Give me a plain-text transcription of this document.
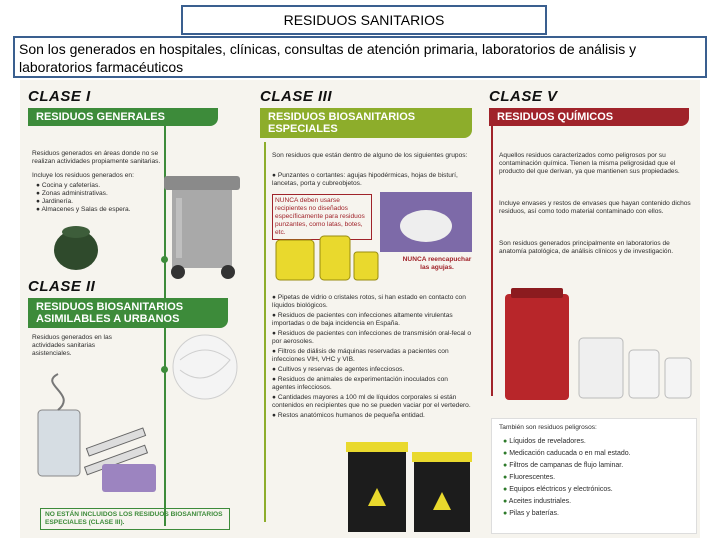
RESIDUOS SANITARIOS
Son los generados en hospitales, clínicas, consultas de atención primaria, laboratorios de análisis y laboratorios farmacéuticos
CLASE I
RESIDUOS GENERALES
Residuos generados en áreas donde no se realizan actividades propiamente sanitarias.
Incluye los residuos generados en:
● Cocina y cafeterías.
● Zonas administrativas.
● Jardinería.
● Almacenes y Salas de espera.
CLASE II
RESIDUOS BIOSANITARIOS
ASIMILABLES A URBANOS
Residuos generados en las actividades sanitarias asistenciales.
NO ESTÁN INCLUIDOS LOS RESIDUOS BIOSANITARIOS ESPECIALES (CLASE III).
CLASE III
RESIDUOS BIOSANITARIOS
ESPECIALES
Son residuos que están dentro de alguno de los siguientes grupos:
● Punzantes o cortantes: agujas hipodérmicas, hojas de bisturí, lancetas, porta y cubreobjetos.
NUNCA deben usarse recipientes no diseñados específicamente para residuos punzantes, como latas, botes, etc.
NUNCA reencapuchar las agujas.
● Pipetas de vidrio o cristales rotos, si han estado en contacto con líquidos biológicos.
● Residuos de pacientes con infecciones altamente virulentas importadas o de baja incidencia en España.
● Residuos de pacientes con infecciones de transmisión oral-fecal o por aerosoles.
● Filtros de diálisis de máquinas reservadas a pacientes con infecciones VIH, VHC y VIB.
● Cultivos y reservas de agentes infecciosos.
● Residuos de animales de experimentación inoculados con agentes infecciosos.
● Cantidades mayores a 100 ml de líquidos corporales si están contenidos en recipientes que no se pueden vaciar por el vertedero.
● Restos anatómicos humanos de pequeña entidad.
CLASE V
RESIDUOS QUÍMICOS
Aquellos residuos caracterizados como peligrosos por su contaminación química. Tienen la misma peligrosidad que el producto del que derivan, ya que mantienen sus propiedades.
Incluye envases y restos de envases que hayan contenido dichos residuos, así como todo material contaminado con ellos.
Son residuos generados principalmente en laboratorios de anatomía patológica, de análisis clínicos y de investigación.
También son residuos peligrosos:
● Líquidos de reveladores.
● Medicación caducada o en mal estado.
● Filtros de campanas de flujo laminar.
● Fluorescentes.
● Equipos eléctricos y electrónicos.
● Aceites industriales.
● Pilas y baterías.
